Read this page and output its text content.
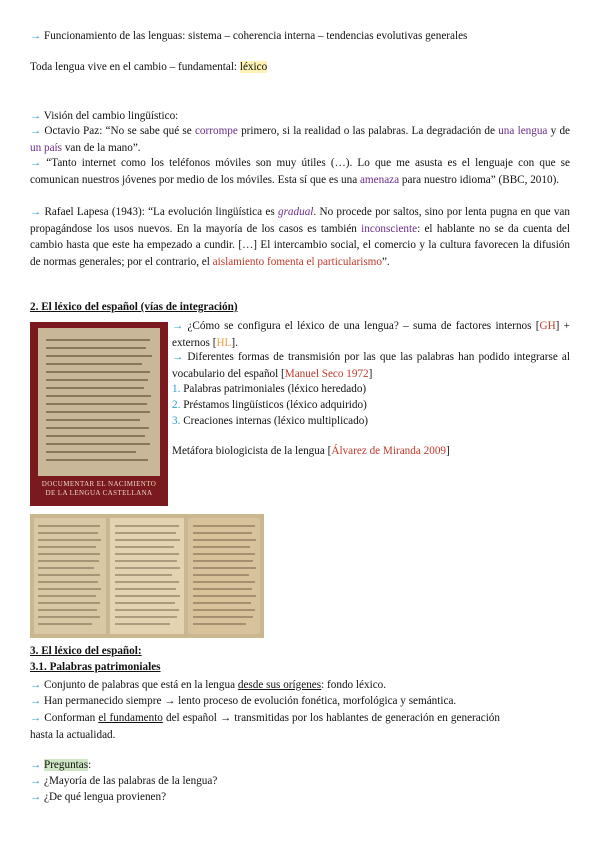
→ Funcionamiento de las lenguas: sistema – coherencia interna – tendencias evolutivas generales
Toda lengua vive en el cambio – fundamental: léxico
→ Visión del cambio lingüístico:
→ Octavio Paz: “No se sabe qué se corrompe primero, si la realidad o las palabras. La degradación de una lengua y de un país van de la mano”.
→ “Tanto internet como los teléfonos móviles son muy útiles (…). Lo que me asusta es el lenguaje con que se comunican nuestros jóvenes por medio de los móviles. Esta sí que es una amenaza para nuestro idioma” (BBC, 2010).
→ Rafael Lapesa (1943): “La evolución lingüística es gradual. No procede por saltos, sino por lenta pugna en que van propagándose los usos nuevos. En la mayoría de los casos es también inconsciente: el hablante no se da cuenta del cambio hasta que este ha empezado a cundir. […] El intercambio social, el comercio y la cultura favorecen la difusión de normas generales; por el contrario, el aislamiento fomenta el particularismo”.
2. El léxico del español (vías de integración)
DOCUMENTAR EL NACIMIENTO
DE LA LENGUA CASTELLANA
→ ¿Cómo se configura el léxico de una lengua? – suma de factores internos [GH] + externos [HL].
→ Diferentes formas de transmisión por las que las palabras han podido integrarse al vocabulario del español [Manuel Seco 1972]
1. Palabras patrimoniales (léxico heredado)
2. Préstamos lingüísticos (léxico adquirido)
3. Creaciones internas (léxico multiplicado)
Metáfora biologicista de la lengua [Álvarez de Miranda 2009]
3. El léxico del español:
3.1. Palabras patrimoniales
→ Conjunto de palabras que está en la lengua desde sus orígenes: fondo léxico.
→ Han permanecido siempre → lento proceso de evolución fonética, morfológica y semántica.
→ Conforman el fundamento del español → transmitidas por los hablantes de generación en generación hasta la actualidad.
→ Preguntas:
→ ¿Mayoría de las palabras de la lengua?
→ ¿De qué lengua provienen?
